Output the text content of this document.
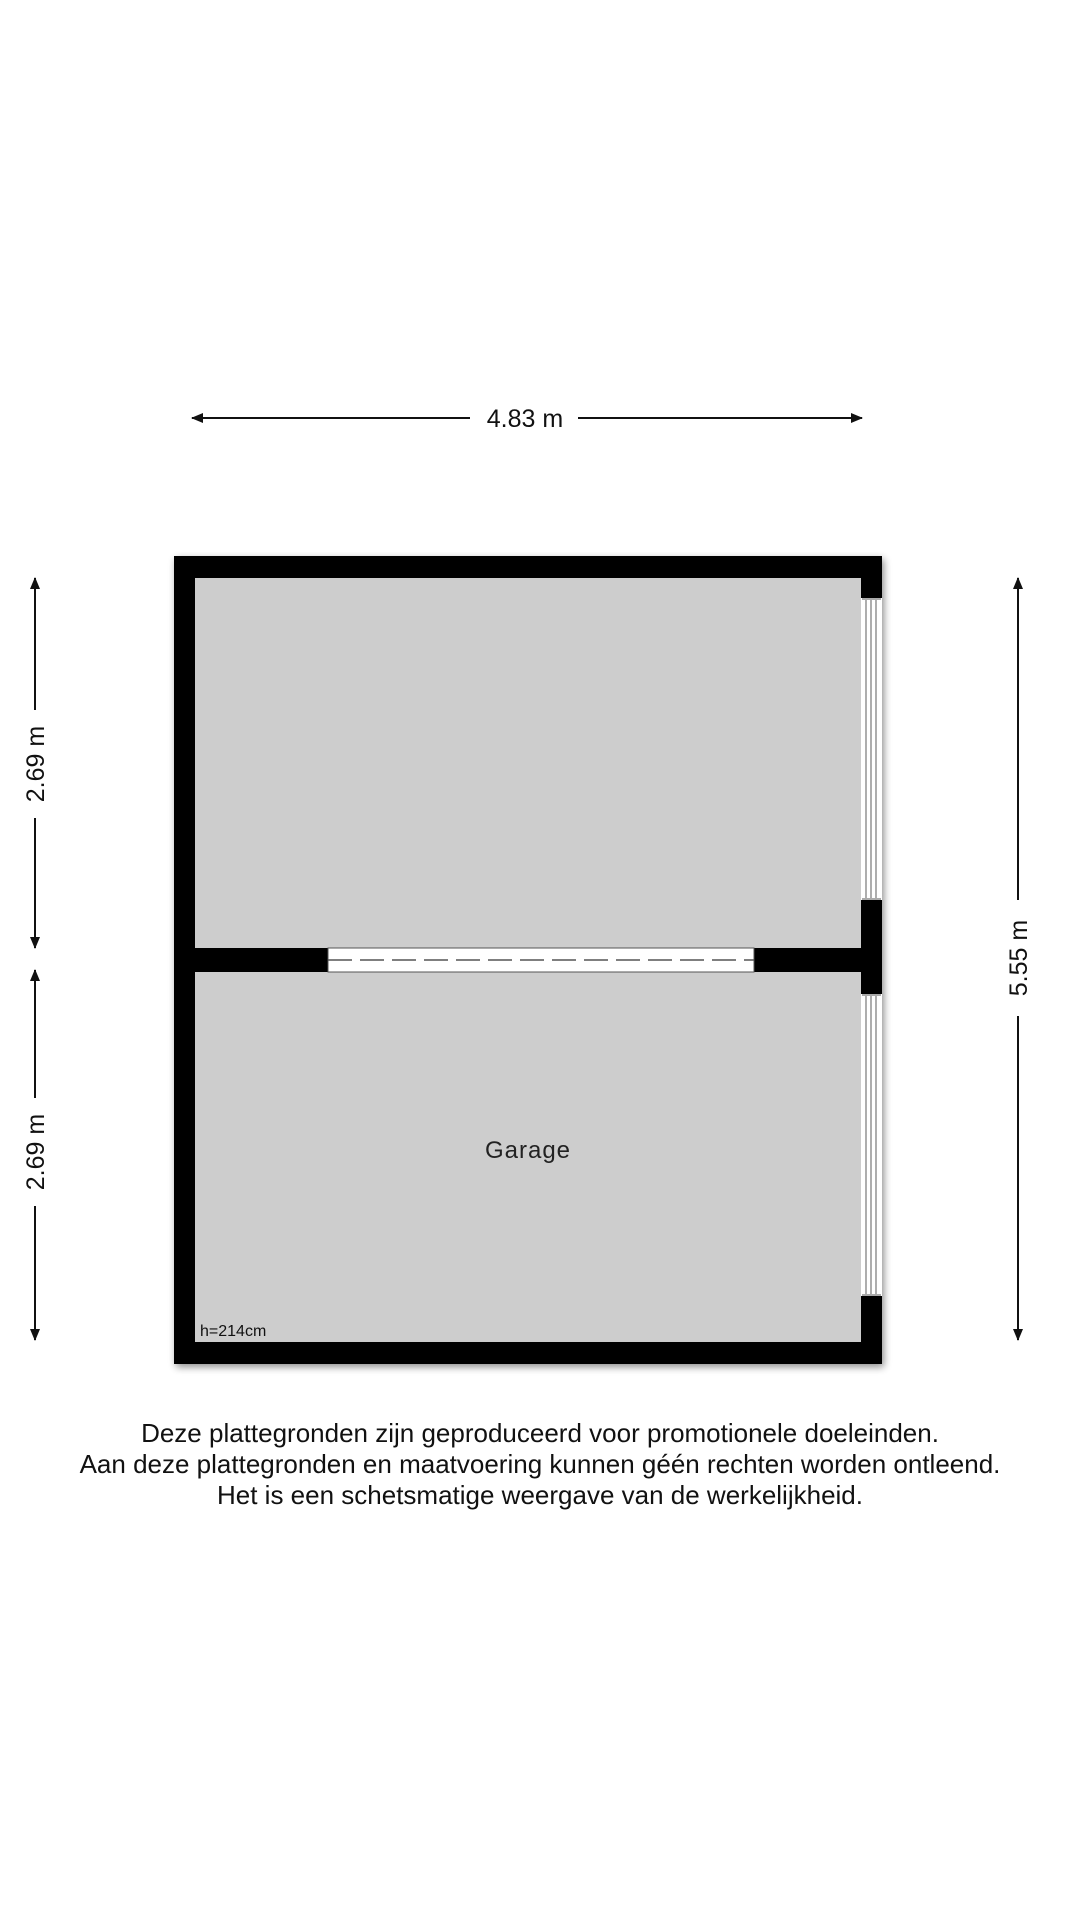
4.83 m
2.69 m
2.69 m
5.55 m
Garage
h=214cm
Deze plattegronden zijn geproduceerd voor promotionele doeleinden.
Aan deze plattegronden en maatvoering kunnen géén rechten worden ontleend.
Het is een schetsmatige weergave van de werkelijkheid.
